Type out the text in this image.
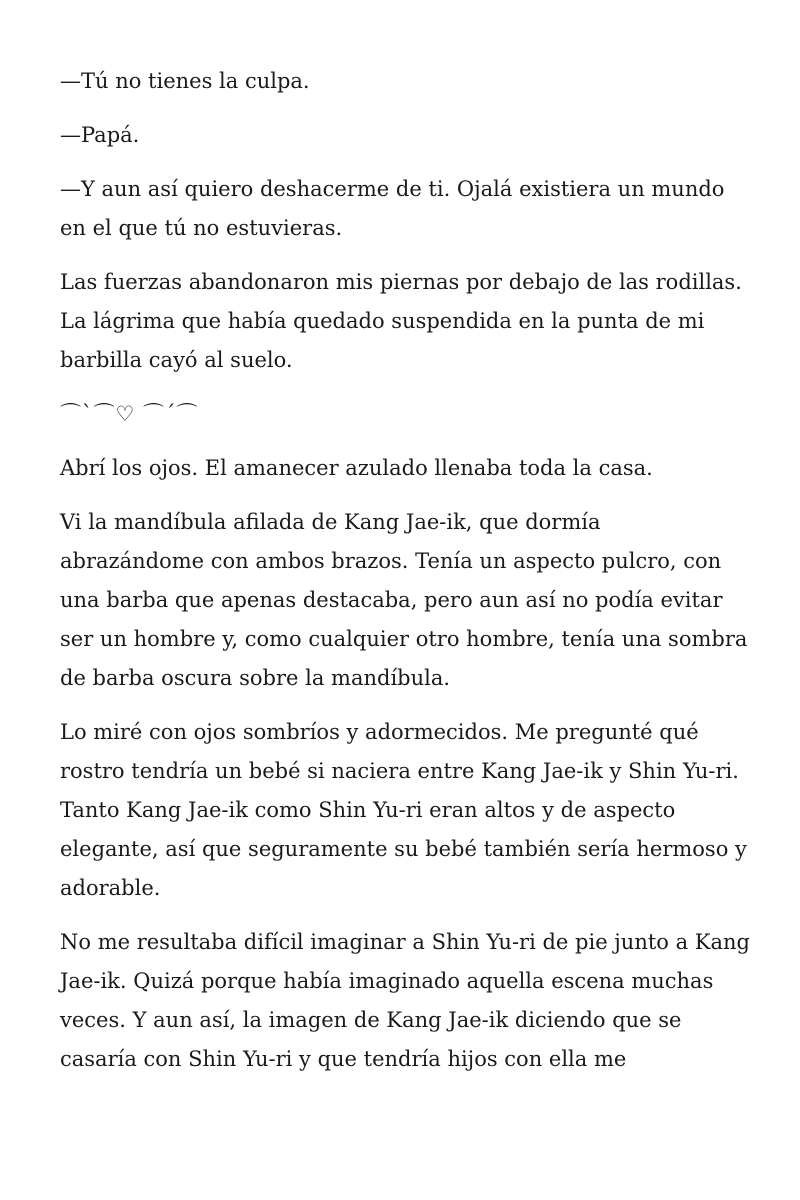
—Tú no tienes la culpa.

—Papá.

—Y aun así quiero deshacerme de ti. Ojalá existiera un mundo en el que tú no estuvieras.

Las fuerzas abandonaron mis piernas por debajo de las rodillas. La lágrima que había quedado suspendida en la punta de mi barbilla cayó al suelo.

⌒`⌒♡ ⌒´⌒

Abrí los ojos. El amanecer azulado llenaba toda la casa.

Vi la mandíbula afilada de Kang Jae-ik, que dormía abrazándome con ambos brazos. Tenía un aspecto pulcro, con una barba que apenas destacaba, pero aun así no podía evitar ser un hombre y, como cualquier otro hombre, tenía una sombra de barba oscura sobre la mandíbula.

Lo miré con ojos sombríos y adormecidos. Me pregunté qué rostro tendría un bebé si naciera entre Kang Jae-ik y Shin Yu-ri. Tanto Kang Jae-ik como Shin Yu-ri eran altos y de aspecto elegante, así que seguramente su bebé también sería hermoso y adorable.

No me resultaba difícil imaginar a Shin Yu-ri de pie junto a Kang Jae-ik. Quizá porque había imaginado aquella escena muchas veces. Y aun así, la imagen de Kang Jae-ik diciendo que se casaría con Shin Yu-ri y que tendría hijos con ella me
